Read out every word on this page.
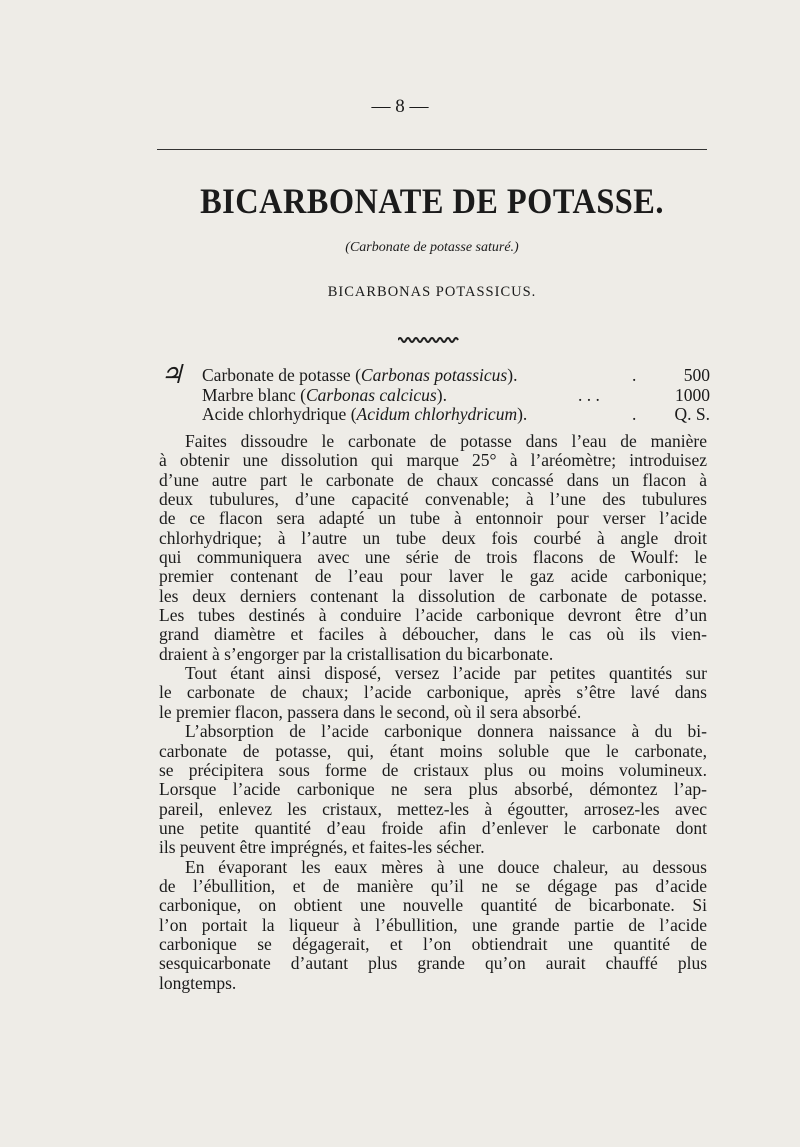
— 8 —
BICARBONATE DE POTASSE.
(Carbonate de potasse saturé.)
BICARBONAS POTASSICUS.
♃ Carbonate de potasse (Carbonas potassicus).	.	500
Marbre blanc (Carbonas calcicus).	. . .	1000
Acide chlorhydrique (Acidum chlorhydricum).	. Q. S.

Faites dissoudre le carbonate de potasse dans l’eau de manière
à obtenir une dissolution qui marque 25° à l’aréomètre; introduisez
d’une autre part le carbonate de chaux concassé dans un flacon à
deux tubulures, d’une capacité convenable; à l’une des tubulures
de ce flacon sera adapté un tube à entonnoir pour verser l’acide
chlorhydrique; à l’autre un tube deux fois courbé à angle droit
qui communiquera avec une série de trois flacons de Woulf: le
premier contenant de l’eau pour laver le gaz acide carbonique;
les deux derniers contenant la dissolution de carbonate de potasse.
Les tubes destinés à conduire l’acide carbonique devront être d’un
grand diamètre et faciles à déboucher, dans le cas où ils vien-
draient à s’engorger par la cristallisation du bicarbonate.

Tout étant ainsi disposé, versez l’acide par petites quantités sur
le carbonate de chaux; l’acide carbonique, après s’être lavé dans
le premier flacon, passera dans le second, où il sera absorbé.

L’absorption de l’acide carbonique donnera naissance à du bi-
carbonate de potasse, qui, étant moins soluble que le carbonate,
se précipitera sous forme de cristaux plus ou moins volumineux.
Lorsque l’acide carbonique ne sera plus absorbé, démontez l’ap-
pareil, enlevez les cristaux, mettez-les à égoutter, arrosez-les avec
une petite quantité d’eau froide afin d’enlever le carbonate dont
ils peuvent être imprégnés, et faites-les sécher.

En évaporant les eaux mères à une douce chaleur, au dessous
de l’ébullition, et de manière qu’il ne se dégage pas d’acide
carbonique, on obtient une nouvelle quantité de bicarbonate. Si
l’on portait la liqueur à l’ébullition, une grande partie de l’acide
carbonique se dégagerait, et l’on obtiendrait une quantité de
sesquicarbonate d’autant plus grande qu’on aurait chauffé plus
longtemps.
